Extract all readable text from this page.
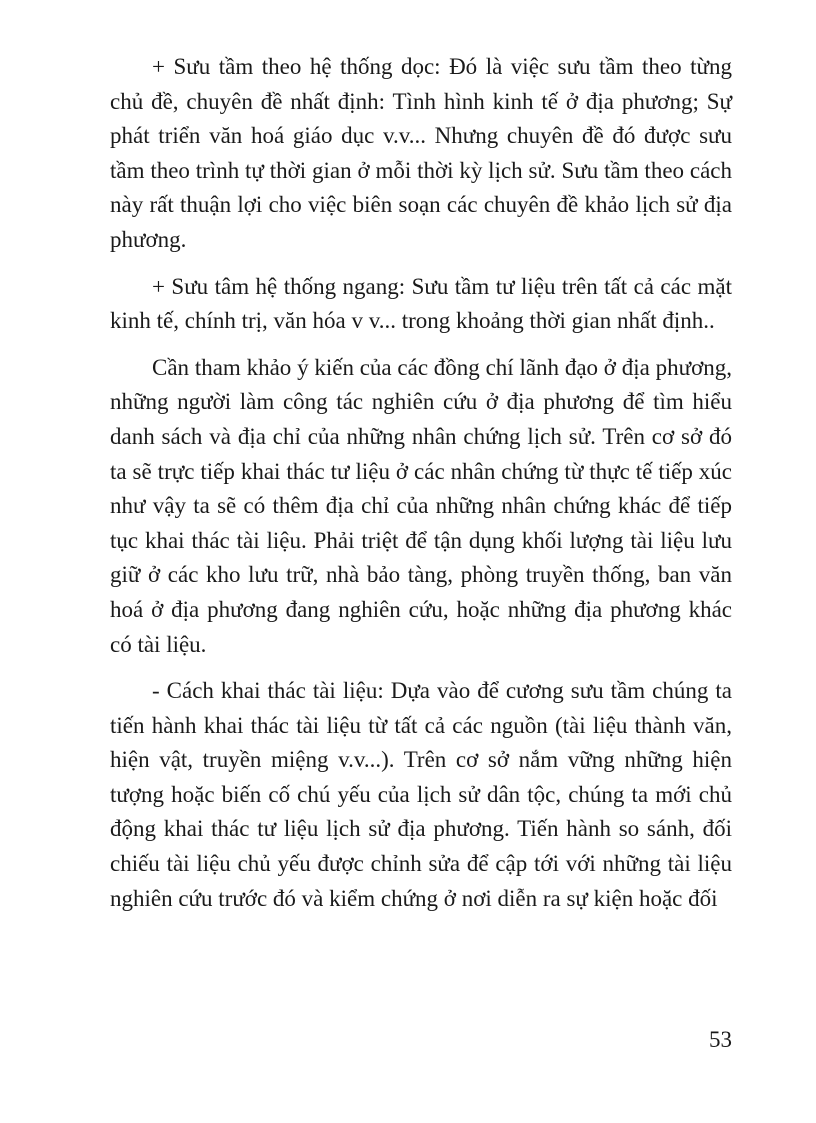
+ Sưu tầm theo hệ thống dọc: Đó là việc sưu tầm theo từng chủ đề, chuyên đề nhất định: Tình hình kinh tế ở địa phương; Sự phát triển văn hoá giáo dục v.v... Nhưng chuyên đề đó được sưu tầm theo trình tự thời gian ở mỗi thời kỳ lịch sử. Sưu tầm theo cách này rất thuận lợi cho việc biên soạn các chuyên đề khảo lịch sử địa phương.

+ Sưu tâm hệ thống ngang: Sưu tầm tư liệu trên tất cả các mặt kinh tế, chính trị, văn hóa v v... trong khoảng thời gian nhất định..

Cần tham khảo ý kiến của các đồng chí lãnh đạo ở địa phương, những người làm công tác nghiên cứu ở địa phương để tìm hiểu danh sách và địa chỉ của những nhân chứng lịch sử. Trên cơ sở đó ta sẽ trực tiếp khai thác tư liệu ở các nhân chứng từ thực tế tiếp xúc như vậy ta sẽ có thêm địa chỉ của những nhân chứng khác để tiếp tục khai thác tài liệu. Phải triệt để tận dụng khối lượng tài liệu lưu giữ ở các kho lưu trữ, nhà bảo tàng, phòng truyền thống, ban văn hoá ở địa phương đang nghiên cứu, hoặc những địa phương khác có tài liệu.

- Cách khai thác tài liệu: Dựa vào để cương sưu tầm chúng ta tiến hành khai thác tài liệu từ tất cả các nguồn (tài liệu thành văn, hiện vật, truyền miệng v.v...). Trên cơ sở nắm vững những hiện tượng hoặc biến cố chú yếu của lịch sử dân tộc, chúng ta mới chủ động khai thác tư liệu lịch sử địa phương. Tiến hành so sánh, đối chiếu tài liệu chủ yếu được chỉnh sửa để cập tới với những tài liệu nghiên cứu trước đó và kiểm chứng ở nơi diễn ra sự kiện hoặc đối

53
